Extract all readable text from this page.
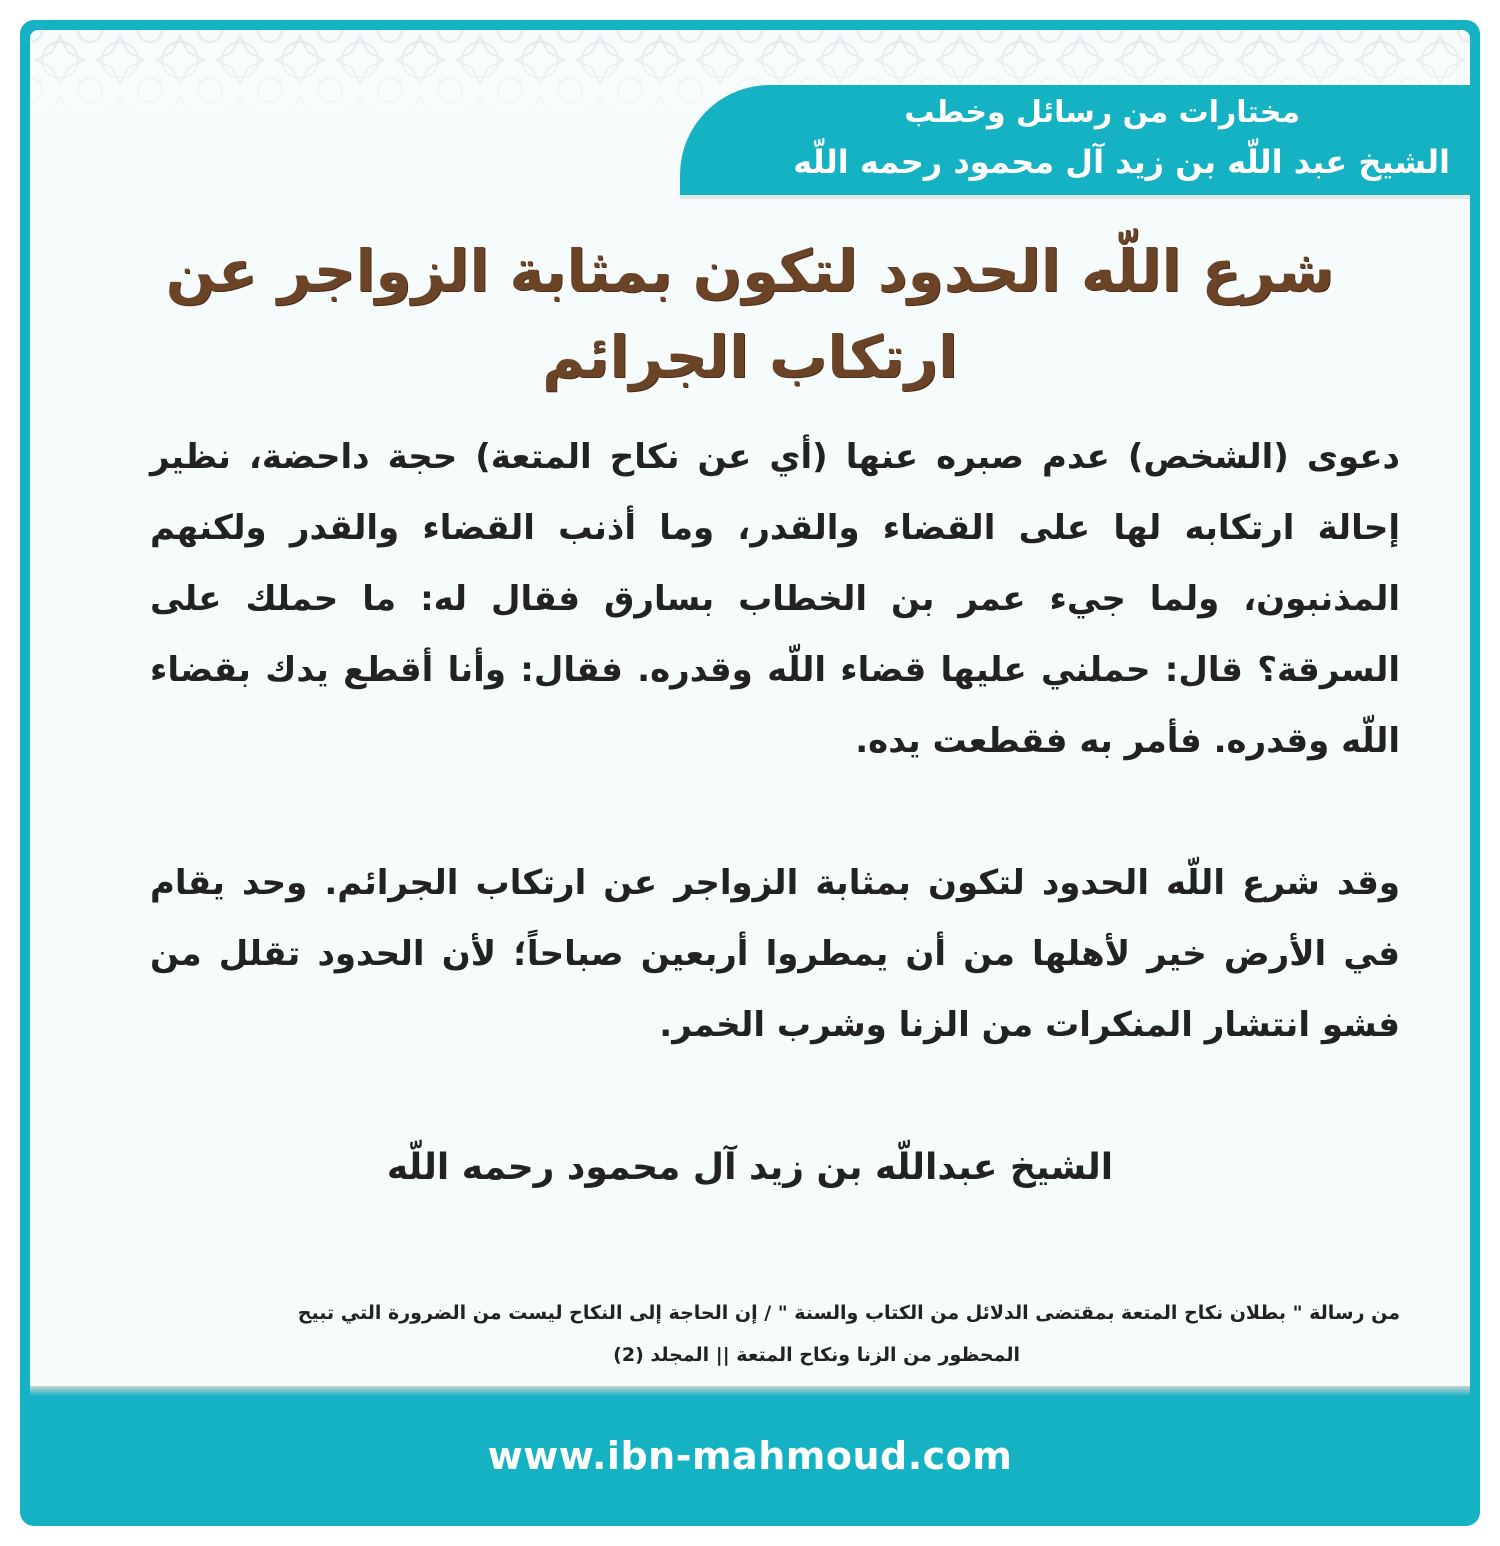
مختارات من رسائل وخطب
الشيخ عبد اللّه بن زيد آل محمود رحمه اللّه
شرع اللّه الحدود لتكون بمثابة الزواجر عن ارتكاب الجرائم

دعوى (الشخص) عدم صبره عنها (أي عن نكاح المتعة) حجة داحضة، نظير إحالة ارتكابه لها على القضاء والقدر، وما أذنب القضاء والقدر ولكنهم المذنبون، ولما جيء عمر بن الخطاب بسارق فقال له: ما حملك على السرقة؟ قال: حملني عليها قضاء اللّه وقدره. فقال: وأنا أقطع يدك بقضاء اللّه وقدره. فأمر به فقطعت يده.

وقد شرع اللّه الحدود لتكون بمثابة الزواجر عن ارتكاب الجرائم. وحد يقام في الأرض خير لأهلها من أن يمطروا أربعين صباحاً؛ لأن الحدود تقلل من فشو انتشار المنكرات من الزنا وشرب الخمر.

الشيخ عبداللّه بن زيد آل محمود رحمه اللّه
من رسالة " بطلان نكاح المتعة بمقتضى الدلائل من الكتاب والسنة " / إن الحاجة إلى النكاح ليست من الضرورة التي تبيح
المحظور من الزنا ونكاح المتعة || المجلد (2)
www.ibn-mahmoud.com
